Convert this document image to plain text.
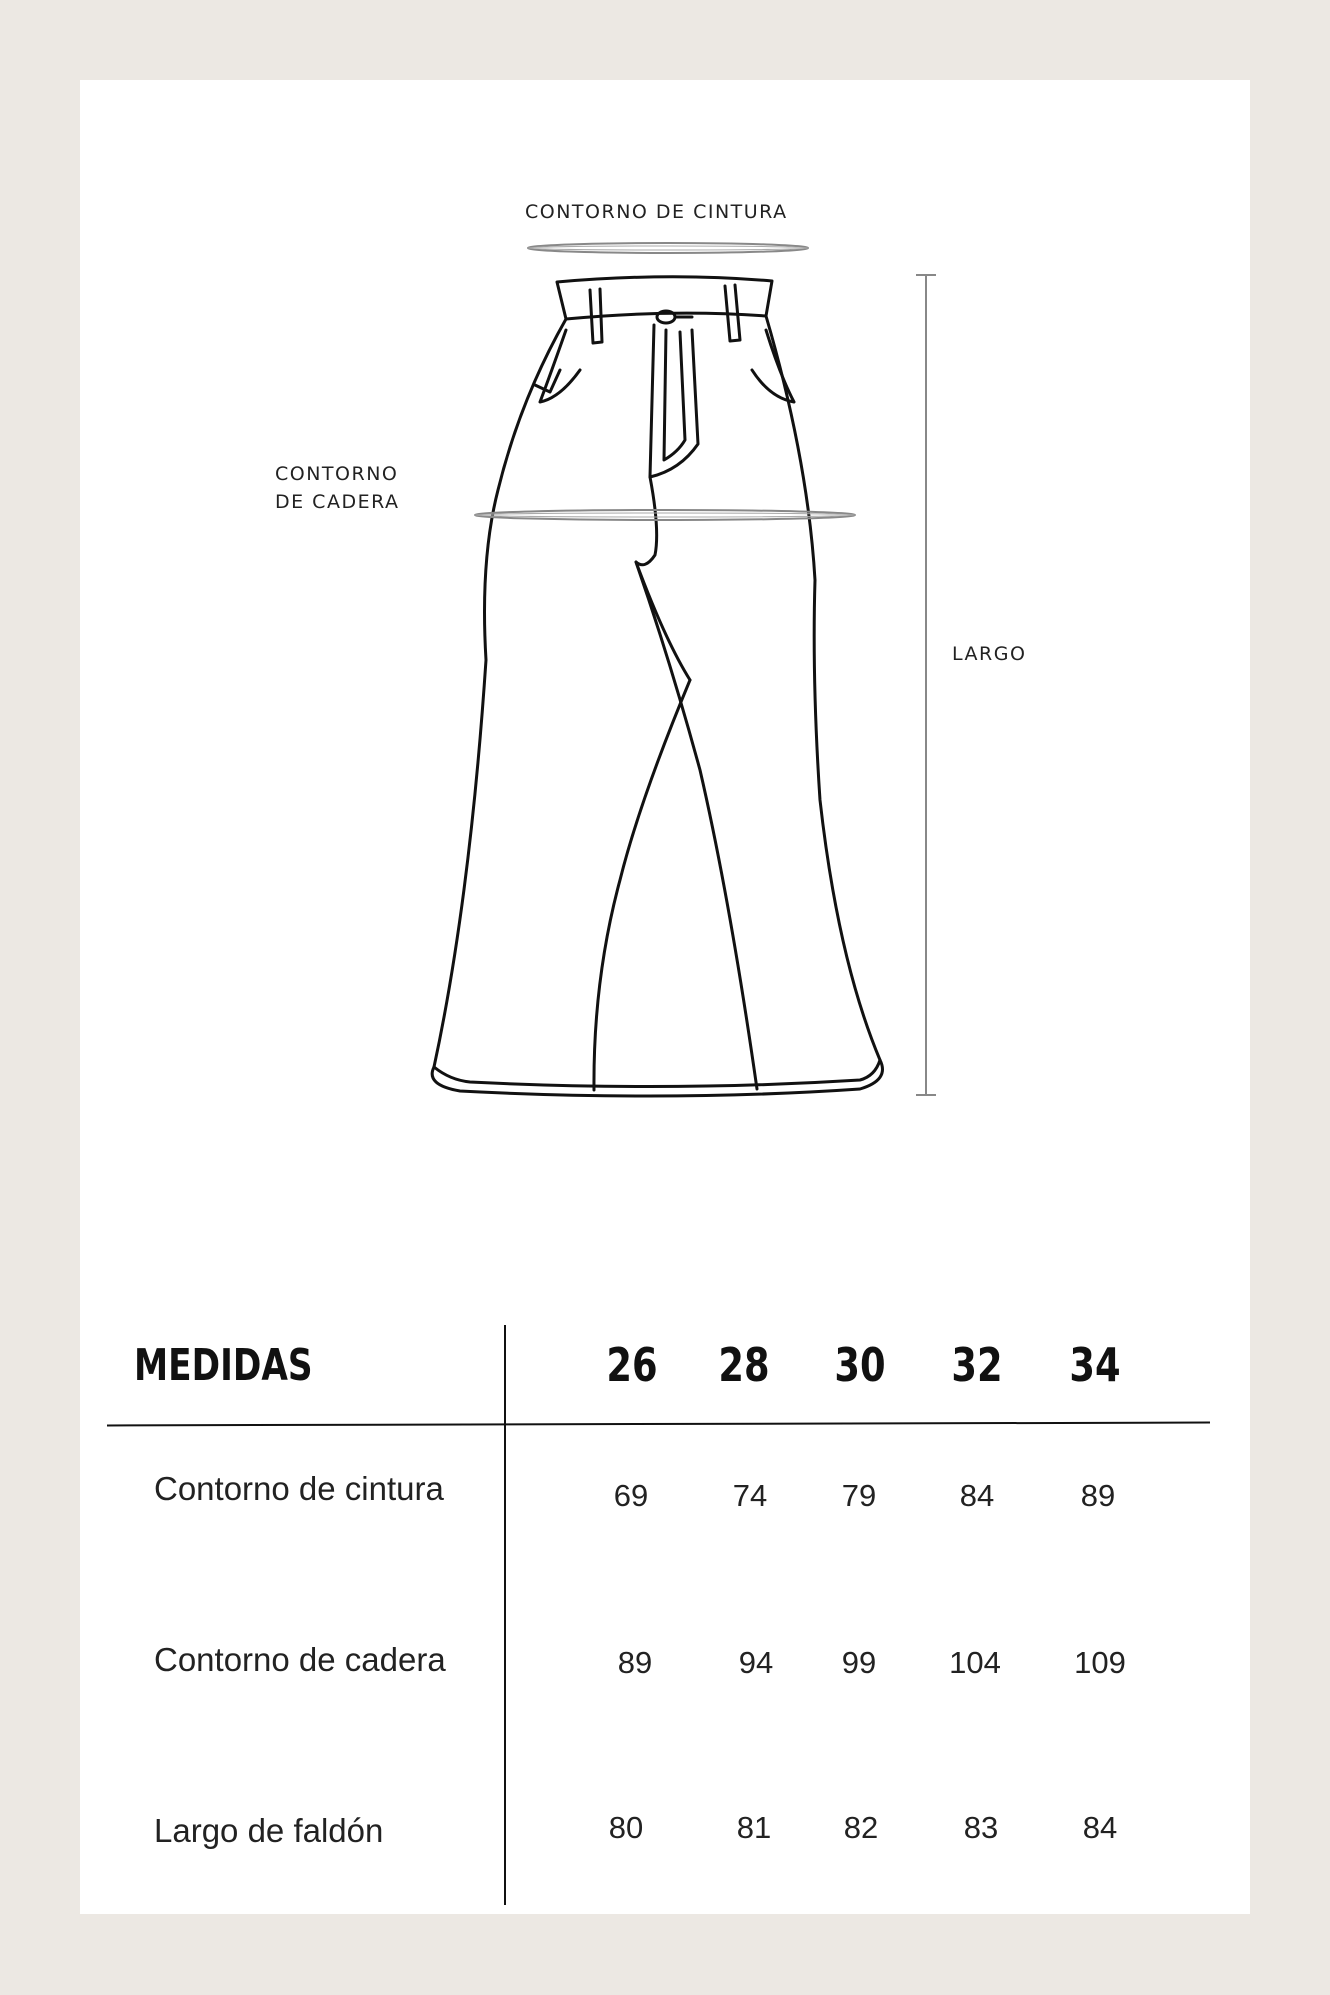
CONTORNO DE CINTURA
CONTORNO
DE CADERA
LARGO
MEDIDAS	26 28 30 32 34
Contorno de cintura	69	74	79	84	89
Contorno de cadera	89	94	99	104	109
Largo de faldón	80	81	82	83	84
